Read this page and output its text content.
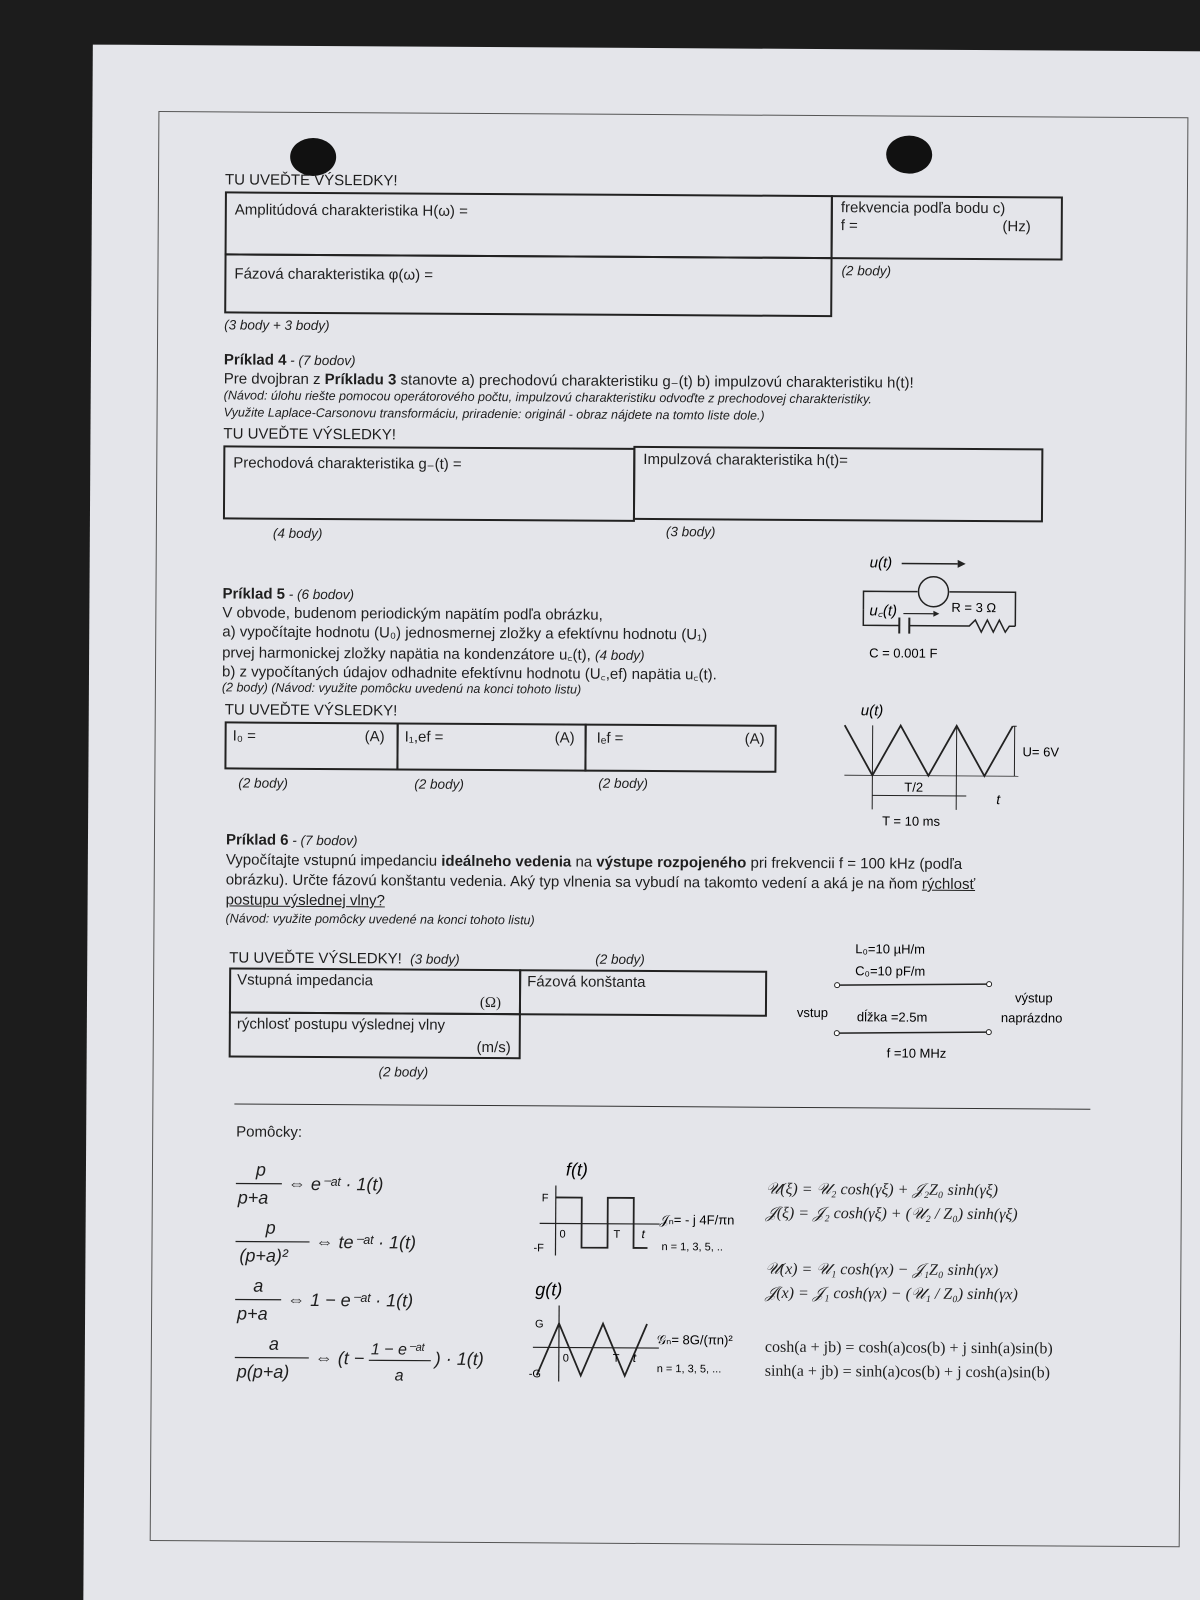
TU UVEĎTE VÝSLEDKY!
Amplitúdová charakteristika H(ω) =	frekvencia podľa bodu c)
f =	(Hz)
(2 body)
Fázová charakteristika φ(ω) =
(3 body + 3 body)
Príklad 4 - (7 bodov)
Pre dvojbran z Príkladu 3 stanovte a) prechodovú charakteristiku g₋(t) b) impulzovú charakteristiku h(t)!
(Návod: úlohu riešte pomocou operátorového počtu, impulzovú charakteristiku odvoďte z prechodovej charakteristiky.
Využite Laplace-Carsonovu transformáciu, priradenie: originál - obraz nájdete na tomto liste dole.)
TU UVEĎTE VÝSLEDKY!
Prechodová charakteristika g₋(t) =	Impulzová charakteristika h(t)=
(4 body)	(3 body)
Príklad 5 - (6 bodov)
V obvode, budenom periodickým napätím podľa obrázku,
a) vypočítajte hodnotu (U₀) jednosmernej zložky a efektívnu hodnotu (U₁)
prvej harmonickej zložky napätia na kondenzátore u꜀(t), (4 body)
b) z vypočítaných údajov odhadnite efektívnu hodnotu (U꜀,ef) napätia u꜀(t).
(2 body) (Návod: využite pomôcku uvedenú na konci tohoto listu)
TU UVEĎTE VÝSLEDKY!
I₀ =	(A) I₁,ef =	(A) Iₑf =	(A)
(2 body)	(2 body)	(2 body)
u(t)
u꜀(t)	R = 3 Ω
C = 0.001 F
u(t)
U= 6V
T/2
t
T = 10 ms
Príklad 6 - (7 bodov)
Vypočítajte vstupnú impedanciu ideálneho vedenia na výstupe rozpojeného pri frekvencii f = 100 kHz (podľa
obrázku). Určte fázovú konštantu vedenia. Aký typ vlnenia sa vybudí na takomto vedení a aká je na ňom rýchlosť
postupu výslednej vlny?
(Návod: využite pomôcky uvedené na konci tohoto listu)
TU UVEĎTE VÝSLEDKY! (3 body)	(2 body)
Vstupná impedancia
(Ω)
Fázová konštanta
rýchlosť postupu výslednej vlny
(m/s)
(2 body)
L₀=10 µH/m
C₀=10 pF/m
vstup dĺžka =2.5m
výstup
naprázdno
f =10 MHz
Pomôcky:
p
p+a
⇔ e⁻ᵃᵗ · 1(t)
p
(p+a)²
⇔ te⁻ᵃᵗ · 1(t)
a
p+a
⇔ 1 − e⁻ᵃᵗ · 1(t)
a
p(p+a)
⇔ (t − 1 − e⁻ᵃᵗ
a
) · 1(t)
f(t)
F
-F
0	T t
𝒥ₙ= - j 4F/πn
n = 1, 3, 5, ..
g(t)
G
-G
0	T t
𝒢ₙ= 8G/(πn)²
n = 1, 3, 5, ...
𝒰(ξ) = 𝒰₂ cosh(γξ) + 𝒥₂Z₀ sinh(γξ)
𝒥(ξ) = 𝒥₂ cosh(γξ) + (𝒰₂ / Z₀) sinh(γξ)
𝒰(x) = 𝒰₁ cosh(γx) − 𝒥₁Z₀ sinh(γx)
𝒥(x) = 𝒥₁ cosh(γx) − (𝒰₁ / Z₀) sinh(γx)
cosh(a + jb) = cosh(a)cos(b) + j sinh(a)sin(b)
sinh(a + jb) = sinh(a)cos(b) + j cosh(a)sin(b)
